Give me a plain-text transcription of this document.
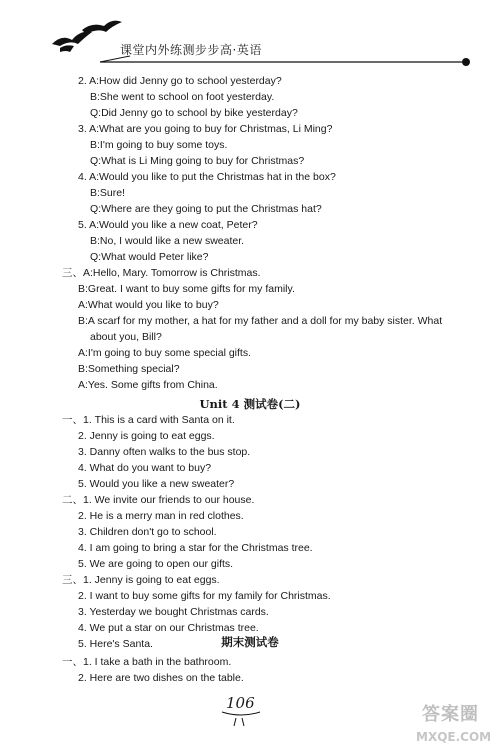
课堂内外练测步步高·英语
2. A:How did Jenny go to school yesterday?
B:She went to school on foot yesterday.
Q:Did Jenny go to school by bike yesterday?
3. A:What are you going to buy for Christmas, Li Ming?
B:I'm going to buy some toys.
Q:What is Li Ming going to buy for Christmas?
4. A:Would you like to put the Christmas hat in the box?
B:Sure!
Q:Where are they going to put the Christmas hat?
5. A:Would you like a new coat, Peter?
B:No, I would like a new sweater.
Q:What would Peter like?
三、A:Hello, Mary. Tomorrow is Christmas.
B:Great. I want to buy some gifts for my family.
A:What would you like to buy?
B:A scarf for my mother, a hat for my father and a doll for my baby sister. What
about you, Bill?
A:I'm going to buy some special gifts.
B:Something special?
A:Yes. Some gifts from China.
Unit 4 测试卷(二)
一、1. This is a card with Santa on it.
2. Jenny is going to eat eggs.
3. Danny often walks to the bus stop.
4. What do you want to buy?
5. Would you like a new sweater?
二、1. We invite our friends to our house.
2. He is a merry man in red clothes.
3. Children don't go to school.
4. I am going to bring a star for the Christmas tree.
5. We are going to open our gifts.
三、1. Jenny is going to eat eggs.
2. I want to buy some gifts for my family for Christmas.
3. Yesterday we bought Christmas cards.
4. We put a star on our Christmas tree.
5. Here's Santa.	期末测试卷
一、1. I take a bath in the bathroom.
2. Here are two dishes on the table.
106
答案圈
MXQE.COM
